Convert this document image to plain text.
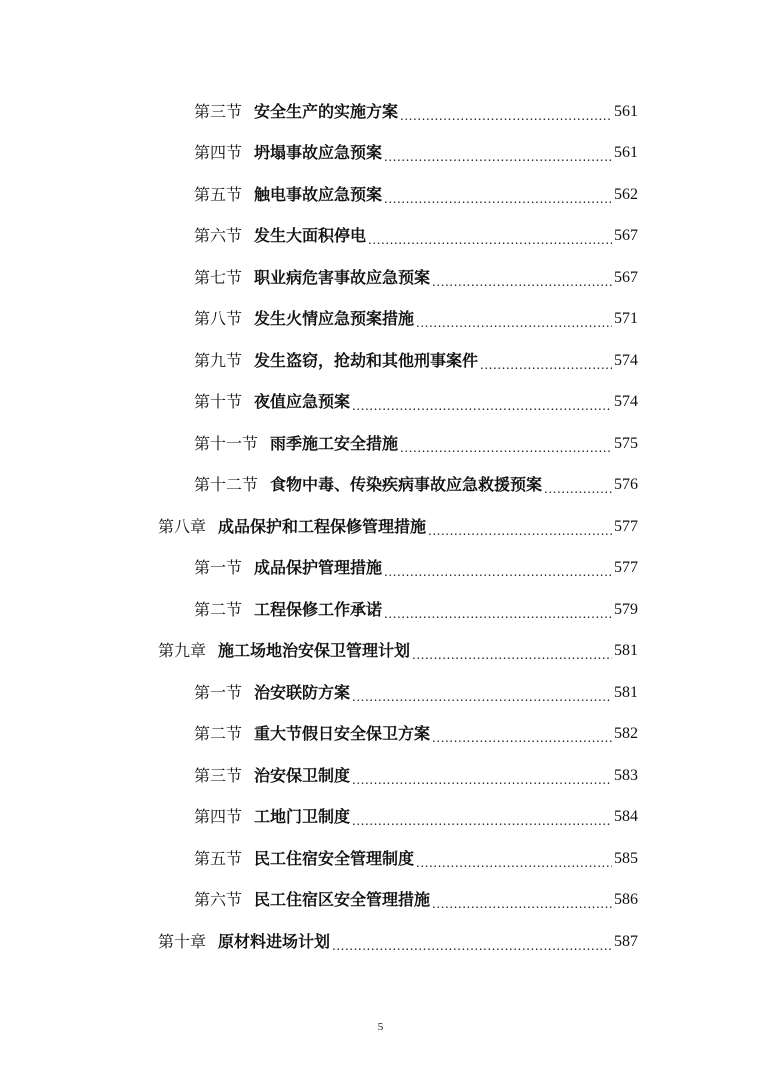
第三节 安全生产的实施方案 .....	561
第四节 坍塌事故应急预案 .....	561
第五节 触电事故应急预案 .....	562
第六节 发生大面积停电 .....	567
第七节 职业病危害事故应急预案 .....	567
第八节 发生火情应急预案措施 .....	571
第九节 发生盗窃，抢劫和其他刑事案件 .....	574
第十节 夜值应急预案 .....	574
第十一节 雨季施工安全措施 .....	575
第十二节 食物中毒、传染疾病事故应急救援预案 .....	576
第八章 成品保护和工程保修管理措施 .....	577
第一节 成品保护管理措施 .....	577
第二节 工程保修工作承诺 .....	579
第九章 施工场地治安保卫管理计划 .....	581
第一节 治安联防方案 .....	581
第二节 重大节假日安全保卫方案 .....	582
第三节 治安保卫制度 .....	583
第四节 工地门卫制度 .....	584
第五节 民工住宿安全管理制度 .....	585
第六节 民工住宿区安全管理措施 .....	586
第十章 原材料进场计划 .....	587
5
